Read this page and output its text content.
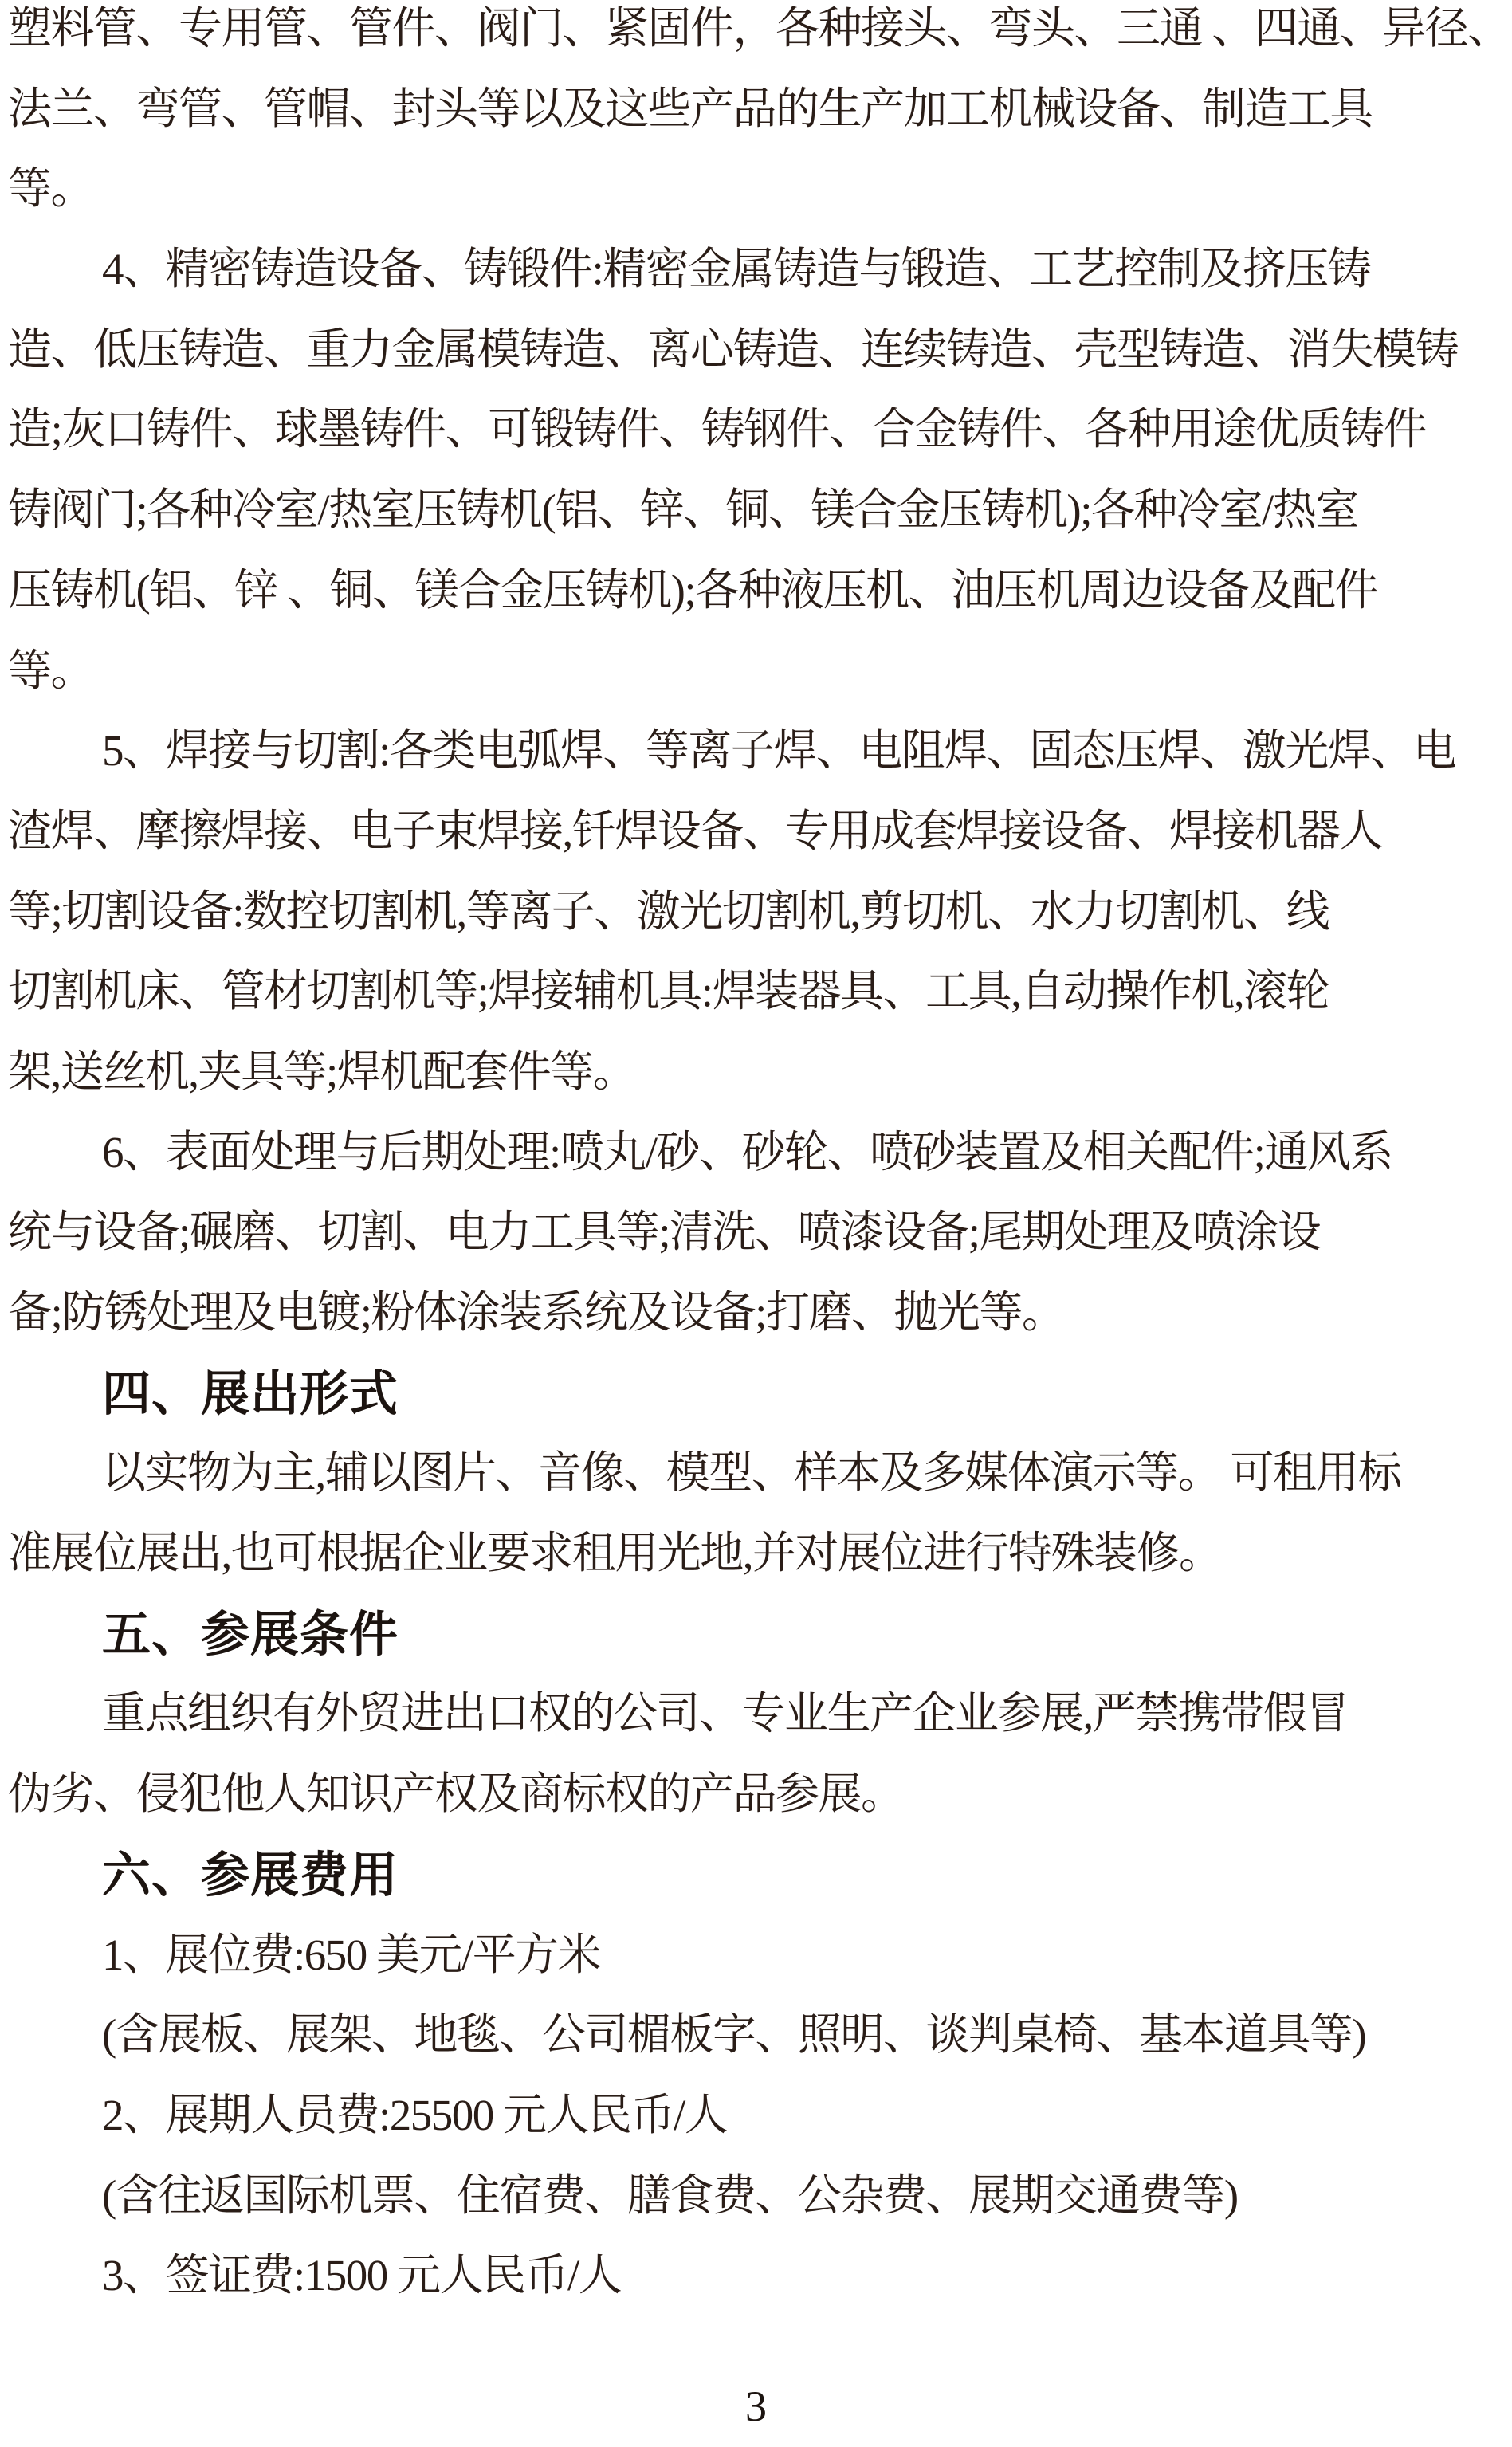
塑料管、专用管、管件、阀门、紧固件，各种接头、弯头、三通 、四通、异径、
法兰、弯管、管帽、封头等以及这些产品的生产加工机械设备、制造工具
等。
4、精密铸造设备、铸锻件:精密金属铸造与锻造、工艺控制及挤压铸
造、低压铸造、重力金属模铸造、离心铸造、连续铸造、壳型铸造、消失模铸
造;灰口铸件、球墨铸件、可锻铸件、铸钢件、合金铸件、各种用途优质铸件
铸阀门;各种冷室/热室压铸机(铝、锌、铜、镁合金压铸机);各种冷室/热室
压铸机(铝、锌 、铜、镁合金压铸机);各种液压机、油压机周边设备及配件
等。
5、焊接与切割:各类电弧焊、等离子焊、电阻焊、固态压焊、激光焊、电
渣焊、摩擦焊接、电子束焊接,钎焊设备、专用成套焊接设备、焊接机器人
等;切割设备:数控切割机,等离子、激光切割机,剪切机、水力切割机、线
切割机床、管材切割机等;焊接辅机具:焊装器具、工具,自动操作机,滚轮
架,送丝机,夹具等;焊机配套件等。
6、表面处理与后期处理:喷丸/砂、砂轮、喷砂装置及相关配件;通风系
统与设备;碾磨、切割、电力工具等;清洗、喷漆设备;尾期处理及喷涂设
备;防锈处理及电镀;粉体涂装系统及设备;打磨、抛光等。
四、展出形式
以实物为主,辅以图片、音像、模型、样本及多媒体演示等。 可租用标
准展位展出,也可根据企业要求租用光地,并对展位进行特殊装修。
五、参展条件
重点组织有外贸进出口权的公司、专业生产企业参展,严禁携带假冒
伪劣、侵犯他人知识产权及商标权的产品参展。
六、参展费用
1、展位费:650 美元/平方米
(含展板、展架、地毯、公司楣板字、照明、谈判桌椅、基本道具等)
2、展期人员费:25500 元人民币/人
(含往返国际机票、住宿费、膳食费、公杂费、展期交通费等)
3、签证费:1500 元人民币/人
3
